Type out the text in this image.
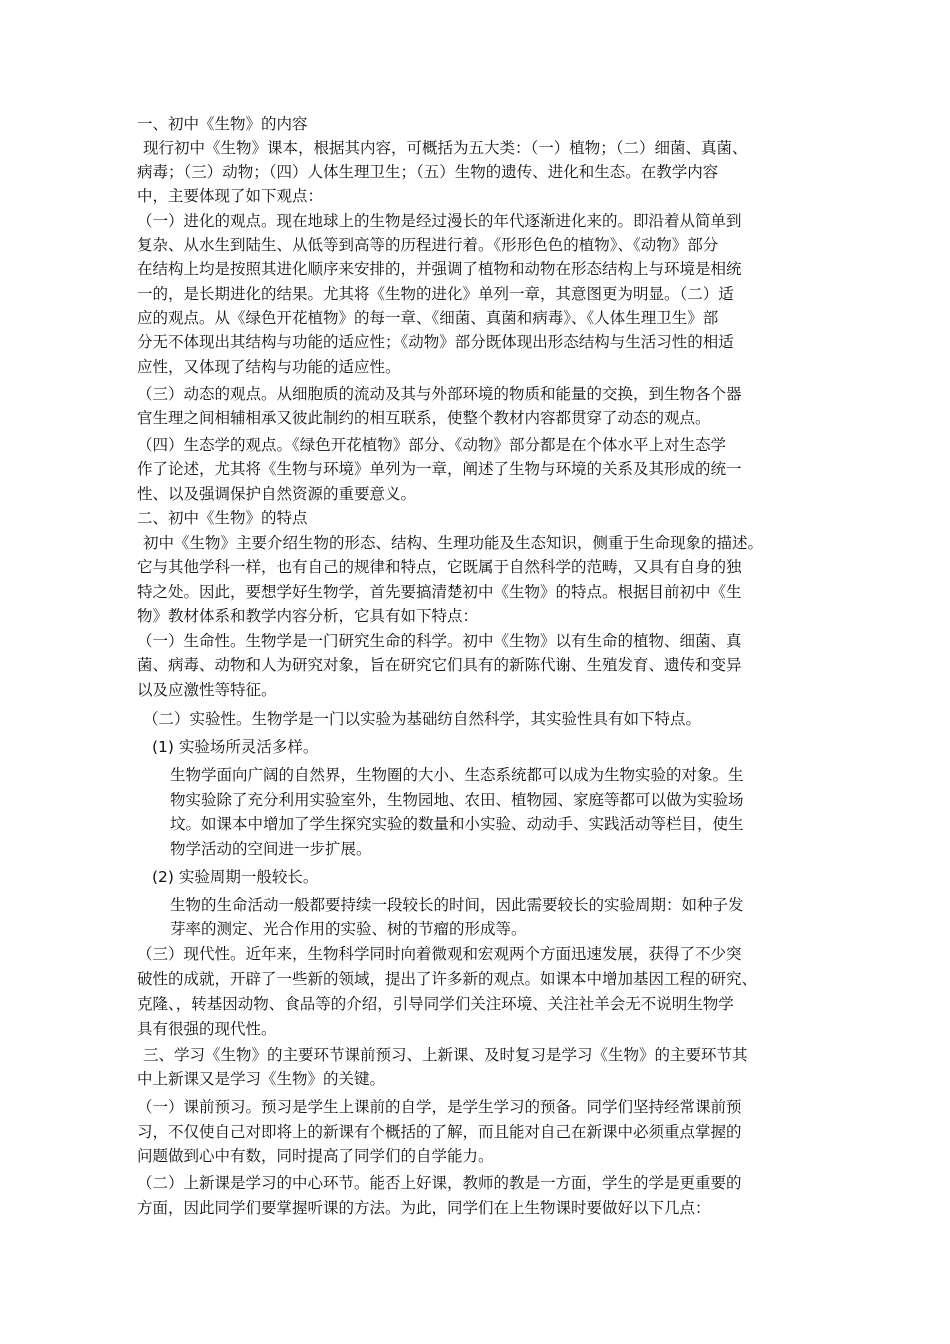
一、初中《生物》的内容
现行初中《生物》课本，根据其内容，可概括为五大类：（一）植物；（二）细菌、真菌、
病毒；（三）动物；（四）人体生理卫生；（五）生物的遗传、进化和生态。在教学内容
中，主要体现了如下观点：
（一）进化的观点。现在地球上的生物是经过漫长的年代逐渐进化来的。即沿着从简单到
复杂、从水生到陆生、从低等到高等的历程进行着。《形形色色的植物》、《动物》部分
在结构上均是按照其进化顺序来安排的，并强调了植物和动物在形态结构上与环境是相统
一的，是长期进化的结果。尤其将《生物的进化》单列一章，其意图更为明显。（二）适
应的观点。从《绿色开花植物》的每一章、《细菌、真菌和病毒》、《人体生理卫生》部
分无不体现出其结构与功能的适应性；《动物》部分既体现出形态结构与生活习性的相适
应性，又体现了结构与功能的适应性。
（三）动态的观点。从细胞质的流动及其与外部环境的物质和能量的交换，到生物各个器
官生理之间相辅相承又彼此制约的相互联系，使整个教材内容都贯穿了动态的观点。
（四）生态学的观点。《绿色开花植物》部分、《动物》部分都是在个体水平上对生态学
作了论述，尤其将《生物与环境》单列为一章，阐述了生物与环境的关系及其形成的统一
性、以及强调保护自然资源的重要意义。
二、初中《生物》的特点
初中《生物》主要介绍生物的形态、结构、生理功能及生态知识，侧重于生命现象的描述。
它与其他学科一样，也有自己的规律和特点，它既属于自然科学的范畴，又具有自身的独
特之处。因此，要想学好生物学，首先要搞清楚初中《生物》的特点。根据目前初中《生
物》教材体系和教学内容分析，它具有如下特点：
（一）生命性。生物学是一门研究生命的科学。初中《生物》以有生命的植物、细菌、真
菌、病毒、动物和人为研究对象，旨在研究它们具有的新陈代谢、生殖发育、遗传和变异
以及应激性等特征。
（二）实验性。生物学是一门以实验为基础纺自然科学，其实验性具有如下特点。
(1) 实验场所灵活多样。
生物学面向广阔的自然界，生物圈的大小、生态系统都可以成为生物实验的对象。生
物实验除了充分利用实验室外，生物园地、农田、植物园、家庭等都可以做为实验场
坟。如课本中增加了学生探究实验的数量和小实验、动动手、实践活动等栏目，使生
物学活动的空间进一步扩展。
(2) 实验周期一般较长。
生物的生命活动一般都要持续一段较长的时间，因此需要较长的实验周期：如种子发
芽率的测定、光合作用的实验、树的节瘤的形成等。
（三）现代性。近年来，生物科学同时向着微观和宏观两个方面迅速发展，获得了不少突
破性的成就，开辟了一些新的领域，提出了许多新的观点。如课本中增加基因工程的研究、
克隆、，转基因动物、食品等的介绍，引导同学们关注环境、关注社羊会无不说明生物学
具有很强的现代性。
三、学习《生物》的主要环节课前预习、上新课、及时复习是学习《生物》的主要环节其
中上新课又是学习《生物》的关键。
（一）课前预习。预习是学生上课前的自学，是学生学习的预备。同学们坚持经常课前预
习，不仅使自己对即将上的新课有个概括的了解，而且能对自己在新课中必须重点掌握的
问题做到心中有数，同时提高了同学们的自学能力。
（二）上新课是学习的中心环节。能否上好课，教师的教是一方面，学生的学是更重要的
方面，因此同学们要掌握听课的方法。为此，同学们在上生物课时要做好以下几点：
